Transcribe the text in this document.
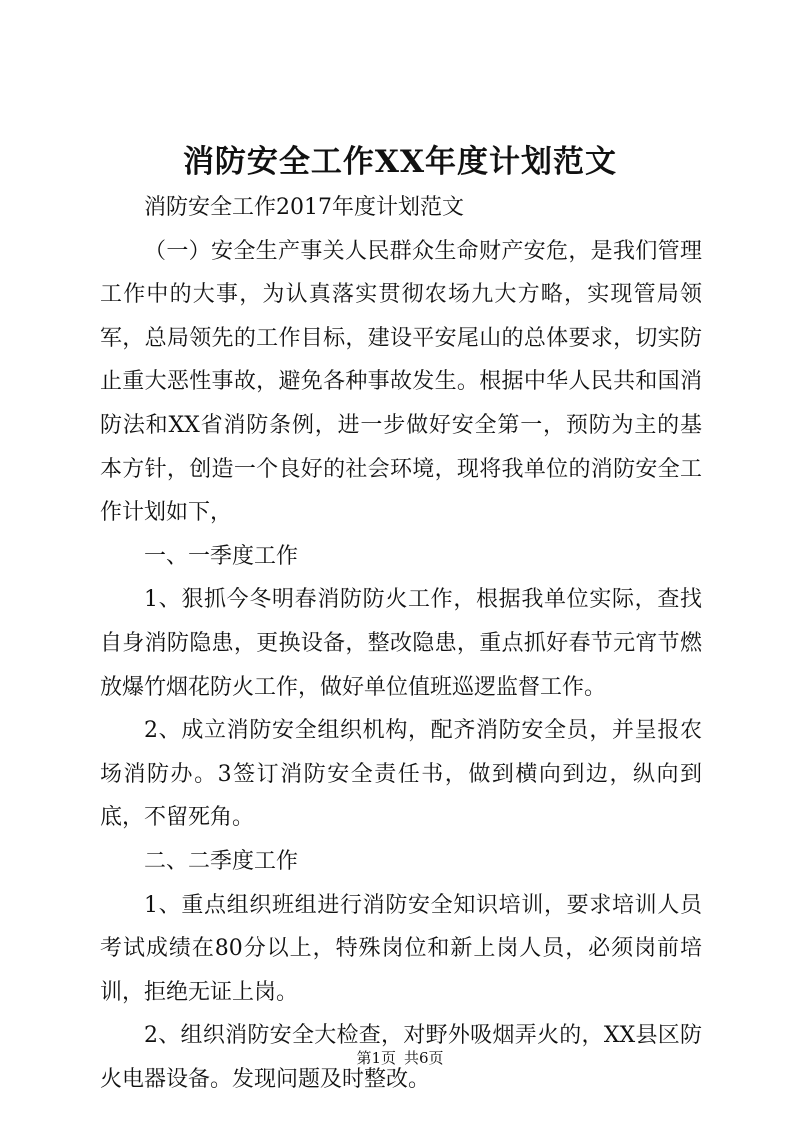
消防安全工作XX年度计划范文

消防安全工作2017年度计划范文

（一）安全生产事关人民群众生命财产安危，是我们管理工作中的大事，为认真落实贯彻农场九大方略，实现管局领军，总局领先的工作目标，建设平安尾山的总体要求，切实防止重大恶性事故，避免各种事故发生。根据中华人民共和国消防法和XX省消防条例，进一步做好安全第一，预防为主的基本方针，创造一个良好的社会环境，现将我单位的消防安全工作计划如下，

一、一季度工作

1、狠抓今冬明春消防防火工作，根据我单位实际，查找自身消防隐患，更换设备，整改隐患，重点抓好春节元宵节燃放爆竹烟花防火工作，做好单位值班巡逻监督工作。

2、成立消防安全组织机构，配齐消防安全员，并呈报农场消防办。3签订消防安全责任书，做到横向到边，纵向到底，不留死角。

二、二季度工作

1、重点组织班组进行消防安全知识培训，要求培训人员考试成绩在80分以上，特殊岗位和新上岗人员，必须岗前培训，拒绝无证上岗。

2、组织消防安全大检查，对野外吸烟弄火的，XX县区防火电器设备。发现问题及时整改。

第1页 共6页
